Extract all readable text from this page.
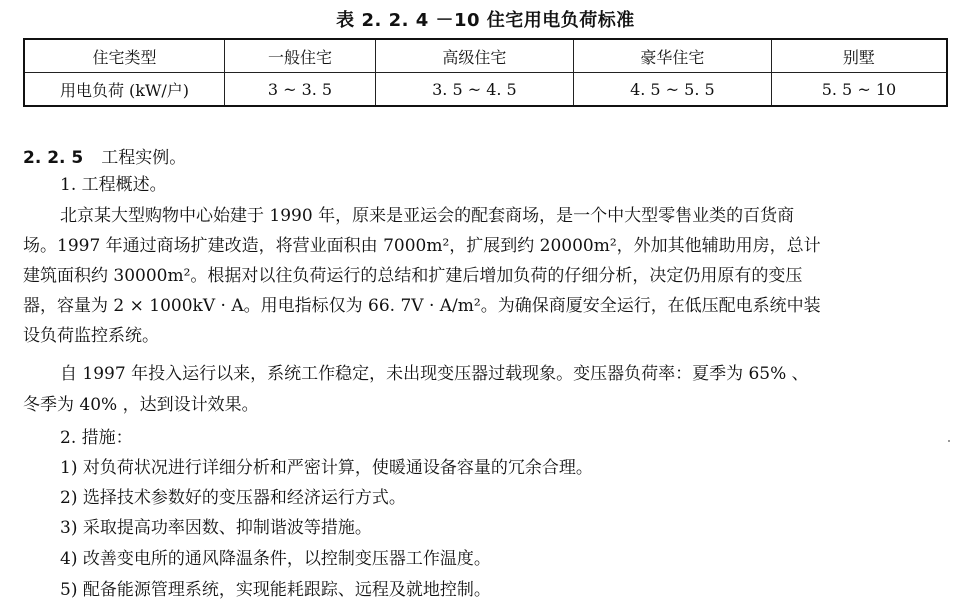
表 2. 2. 4 －10 住宅用电负荷标准
住宅类型	一般住宅	高级住宅	豪华住宅	别墅
用电负荷 (kW/户)	3 ~ 3. 5	3. 5 ~ 4. 5	4. 5 ~ 5. 5	5. 5 ~ 10
2. 2. 5 工程实例。
1. 工程概述。
北京某大型购物中心始建于 1990 年，原来是亚运会的配套商场，是一个中大型零售业类的百货商
场。1997 年通过商场扩建改造，将营业面积由 7000m²，扩展到约 20000m²，外加其他辅助用房，总计
建筑面积约 30000m²。根据对以往负荷运行的总结和扩建后增加负荷的仔细分析，决定仍用原有的变压
器，容量为 2 × 1000kV · A。用电指标仅为 66. 7V · A/m²。为确保商厦安全运行，在低压配电系统中装
设负荷监控系统。
自 1997 年投入运行以来，系统工作稳定，未出现变压器过载现象。变压器负荷率：夏季为 65% 、
冬季为 40% ，达到设计效果。
2. 措施：
1) 对负荷状况进行详细分析和严密计算，使暖通设备容量的冗余合理。
2) 选择技术参数好的变压器和经济运行方式。
3) 采取提高功率因数、抑制谐波等措施。
4) 改善变电所的通风降温条件，以控制变压器工作温度。
5) 配备能源管理系统，实现能耗跟踪、远程及就地控制。
